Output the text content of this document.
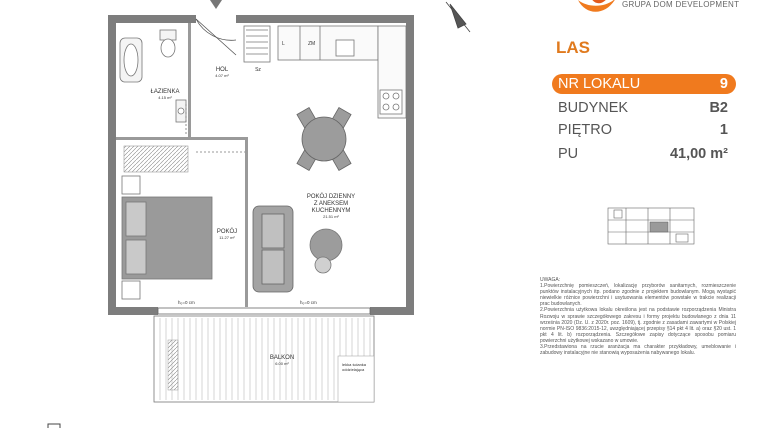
HOL
4.07 m²
Sz
ŁAZIENKA
4.15 m²
L	ZM
POKÓJ DZIENNY
Z ANEKSEM
KUCHENNYM
21.51 m²
POKÓJ
11.27 m²
h₀=0 cm	h₀=0 cm
BALKON
6.00 m²	lekka ścianka
oddzielająca
GRUPA DOM DEVELOPMENT
LAS
NR LOKALU	9
BUDYNEK	B2
PIĘTRO	1
PU	41,00 m²

UWAGA:

1.Powierzchnię pomieszczeń, lokalizację przyborów sanitarnych, rozmieszczenie punktów instalacyjnych itp. podano zgodnie z projektem budowlanym. Mogą wystąpić niewielkie różnice powierzchni i usytuowania elementów powstałe w trakcie realizacji prac budowlanych.

2.Powierzchnia użytkowa lokalu określona jest na podstawie rozporządzenia Ministra Rozwoju w sprawie szczegółowego zakresu i formy projektu budowlanego z dnia 11 września 2020 (Dz. U. z 2020r. poz. 1609), tj. zgodnie z zasadami zawartymi w Polskiej normie PN-ISO 9836:2015-12, uwzględniającej przepisy §14 pkt 4 lit. a) oraz §20 ust. 1 pkt 4 lit. b) rozporządzenia. Szczegółowe zapisy dotyczące sposobu pomiaru powierzchni użytkowej wskazano w umowie.

3.Przedstawiona na rzucie aranżacja ma charakter przykładowy, umeblowanie i zabudowy instalacyjne nie stanowią wyposażenia nabywanego lokalu.
